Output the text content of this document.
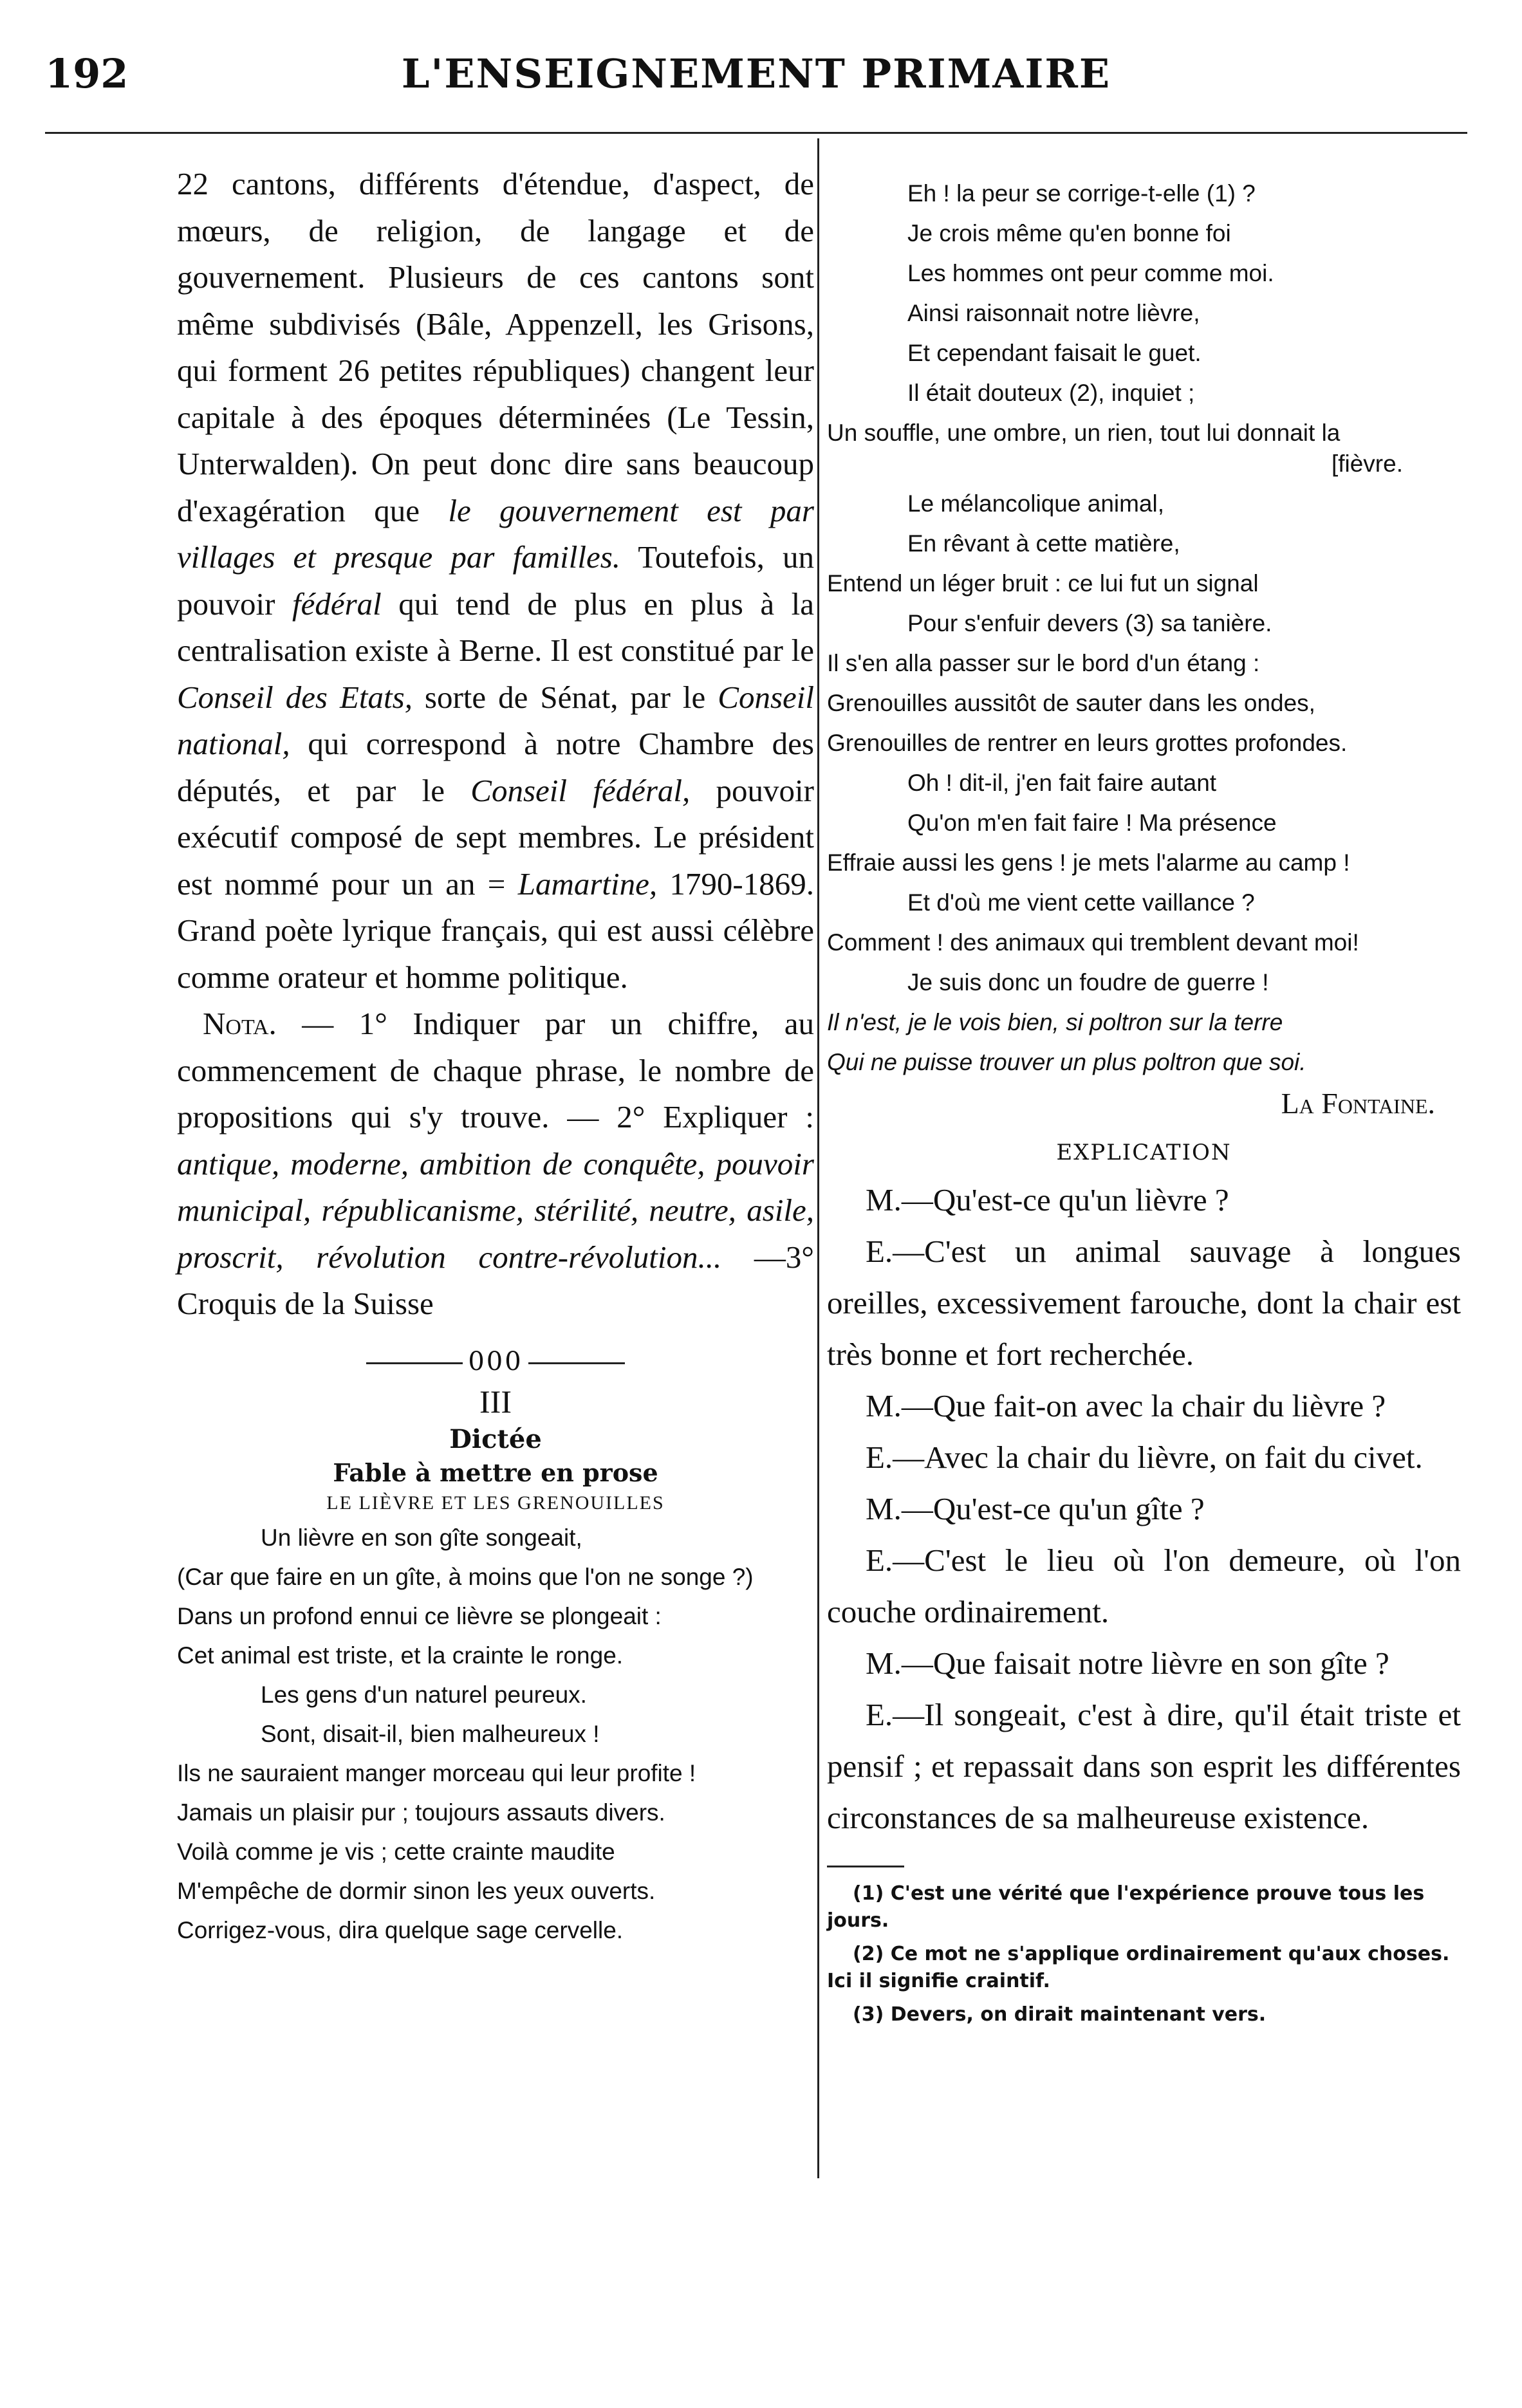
192	L'ENSEIGNEMENT PRIMAIRE

22 cantons, différents d'étendue, d'aspect, de mœurs, de religion, de langage et de gouvernement. Plusieurs de ces cantons sont même subdivisés (Bâle, Appenzell, les Grisons, qui forment 26 petites républiques) changent leur capitale à des époques déterminées (Le Tessin, Unterwalden). On peut donc dire sans beaucoup d'exagération que le gouvernement est par villages et presque par familles. Toutefois, un pouvoir fédéral qui tend de plus en plus à la centralisation existe à Berne. Il est constitué par le Conseil des Etats, sorte de Sénat, par le Conseil national, qui correspond à notre Chambre des députés, et par le Conseil fédéral, pouvoir exécutif composé de sept membres. Le président est nommé pour un an = Lamartine, 1790-1869. Grand poète lyrique français, qui est aussi célèbre comme orateur et homme politique.

Nota. — 1° Indiquer par un chiffre, au commencement de chaque phrase, le nombre de propositions qui s'y trouve. — 2° Expliquer : antique, moderne, ambition de conquête, pouvoir municipal, républicanisme, stérilité, neutre, asile, proscrit, révolution contre-révolution... —3° Croquis de la Suisse

000

III

Dictée

Fable à mettre en prose

LE LIÈVRE ET LES GRENOUILLES

Un lièvre en son gîte songeait,

(Car que faire en un gîte, à moins que l'on ne songe ?)

Dans un profond ennui ce lièvre se plongeait :

Cet animal est triste, et la crainte le ronge.

Les gens d'un naturel peureux.

Sont, disait-il, bien malheureux !

Ils ne sauraient manger morceau qui leur profite !

Jamais un plaisir pur ; toujours assauts divers.

Voilà comme je vis ; cette crainte maudite

M'empêche de dormir sinon les yeux ouverts.

Corrigez-vous, dira quelque sage cervelle.

Eh ! la peur se corrige-t-elle (1) ?

Je crois même qu'en bonne foi

Les hommes ont peur comme moi.

Ainsi raisonnait notre lièvre,

Et cependant faisait le guet.

Il était douteux (2), inquiet ;

Un souffle, une ombre, un rien, tout lui donnait la

[fièvre.

Le mélancolique animal,

En rêvant à cette matière,

Entend un léger bruit : ce lui fut un signal

Pour s'enfuir devers (3) sa tanière.

Il s'en alla passer sur le bord d'un étang :

Grenouilles aussitôt de sauter dans les ondes,

Grenouilles de rentrer en leurs grottes profondes.

Oh ! dit-il, j'en fait faire autant

Qu'on m'en fait faire ! Ma présence

Effraie aussi les gens ! je mets l'alarme au camp !

Et d'où me vient cette vaillance ?

Comment ! des animaux qui tremblent devant moi!

Je suis donc un foudre de guerre !

Il n'est, je le vois bien, si poltron sur la terre

Qui ne puisse trouver un plus poltron que soi.

La Fontaine.

EXPLICATION

M.—Qu'est-ce qu'un lièvre ?

E.—C'est un animal sauvage à longues oreilles, excessivement farouche, dont la chair est très bonne et fort recherchée.

M.—Que fait-on avec la chair du lièvre ?

E.—Avec la chair du lièvre, on fait du civet.

M.—Qu'est-ce qu'un gîte ?

E.—C'est le lieu où l'on demeure, où l'on couche ordinairement.

M.—Que faisait notre lièvre en son gîte ?

E.—Il songeait, c'est à dire, qu'il était triste et pensif ; et repassait dans son esprit les différentes circonstances de sa malheureuse existence.

(1) C'est une vérité que l'expérience prouve tous les jours.

(2) Ce mot ne s'applique ordinairement qu'aux choses. Ici il signifie craintif.

(3) Devers, on dirait maintenant vers.
